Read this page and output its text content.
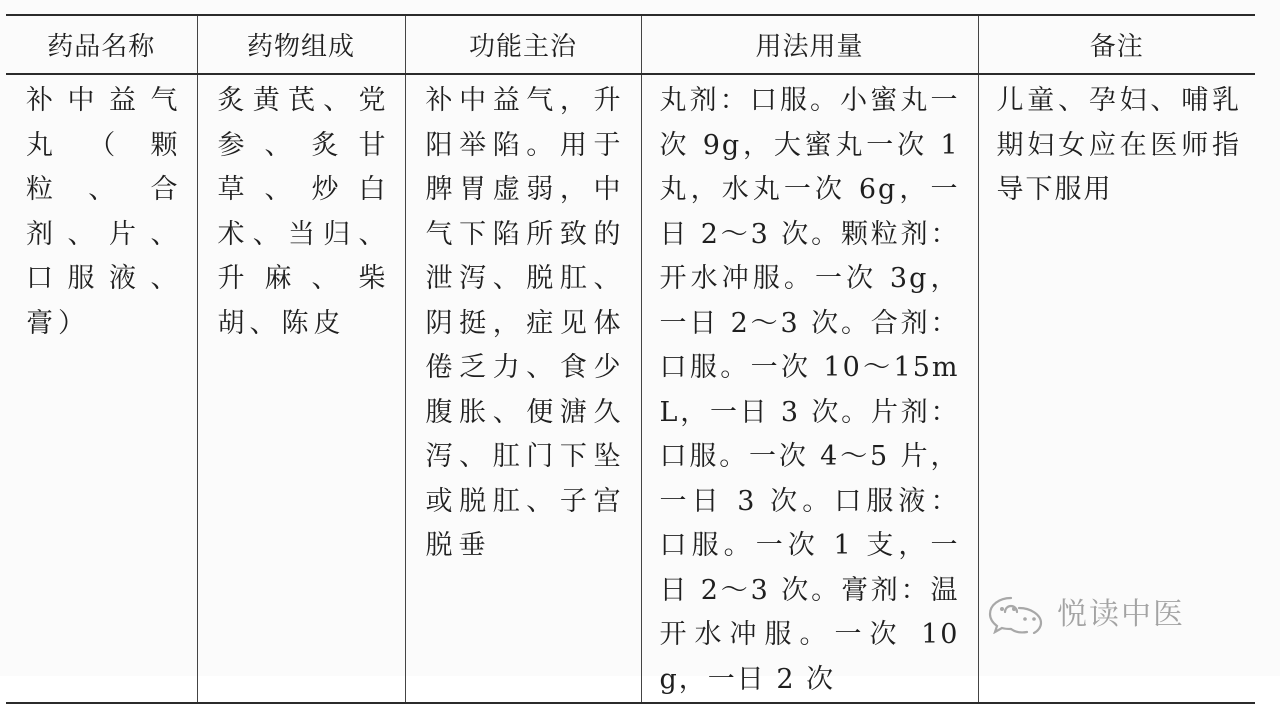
药品名称	药物组成	功能主治	用法用量	备注
补中益气丸（颗粒、合剂、片、口服液、膏）	炙黄芪、党参、炙甘草、炒白术、当归、升麻、柴胡、陈皮	补中益气，升阳举陷。用于脾胃虚弱，中气下陷所致的泄泻、脱肛、阴挺，症见体倦乏力、食少腹胀、便溏久泻、肛门下坠或脱肛、子宫脱垂	丸剂：口服。小蜜丸一次 9g，大蜜丸一次 1 丸，水丸一次 6g，一日 2～3 次。颗粒剂：开水冲服。一次 3g，一日 2～3 次。合剂：口服。一次 10～15mL，一日 3 次。片剂：口服。一次 4～5 片，一日 3 次。口服液：口服。一次 1 支，一日 2～3 次。膏剂：温开水冲服。一次 10g，一日 2 次	儿童、孕妇、哺乳期妇女应在医师指导下服用
悦读中医
